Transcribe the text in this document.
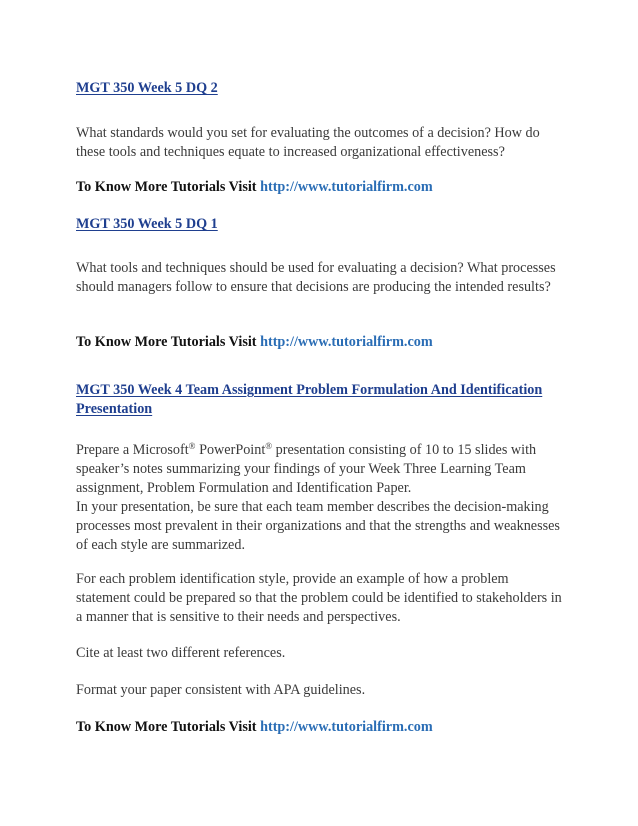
MGT 350 Week 5 DQ 2

What standards would you set for evaluating the outcomes of a decision? How do these tools and techniques equate to increased organizational effectiveness?

To Know More Tutorials Visit http://www.tutorialfirm.com

MGT 350 Week 5 DQ 1

What tools and techniques should be used for evaluating a decision? What processes should managers follow to ensure that decisions are producing the intended results?

To Know More Tutorials Visit http://www.tutorialfirm.com

MGT 350 Week 4 Team Assignment Problem Formulation And Identification Presentation

Prepare a Microsoft® PowerPoint® presentation consisting of 10 to 15 slides with speaker’s notes summarizing your findings of your Week Three Learning Team assignment, Problem Formulation and Identification Paper.
In your presentation, be sure that each team member describes the decision-making processes most prevalent in their organizations and that the strengths and weaknesses of each style are summarized.

For each problem identification style, provide an example of how a problem statement could be prepared so that the problem could be identified to stakeholders in a manner that is sensitive to their needs and perspectives.

Cite at least two different references.

Format your paper consistent with APA guidelines.

To Know More Tutorials Visit http://www.tutorialfirm.com
